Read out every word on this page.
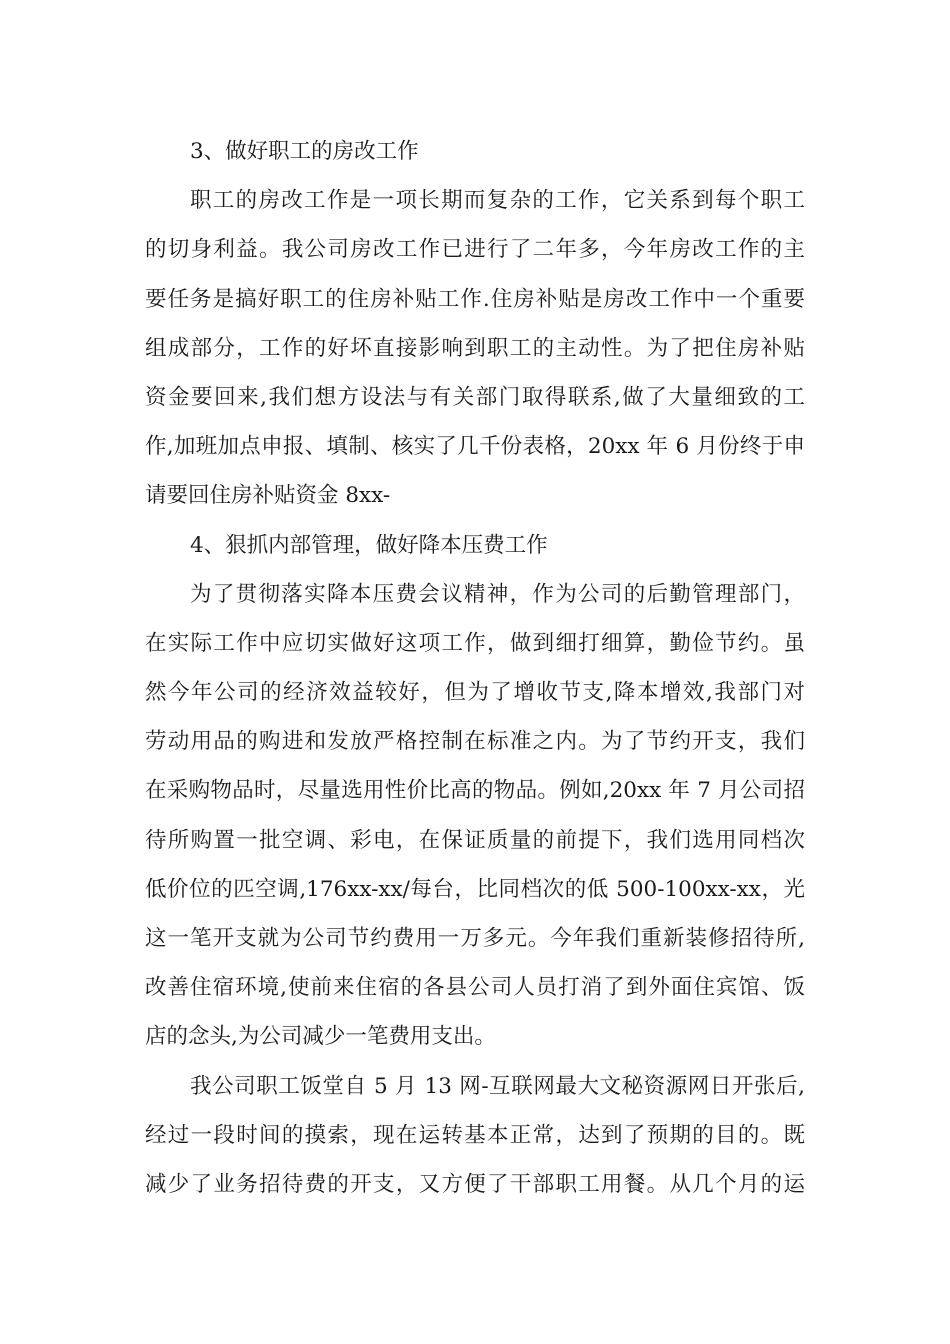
3、做好职工的房改工作
职工的房改工作是一项长期而复杂的工作，它关系到每个职工
的切身利益。我公司房改工作已进行了二年多，今年房改工作的主
要任务是搞好职工的住房补贴工作.住房补贴是房改工作中一个重要
组成部分，工作的好坏直接影响到职工的主动性。为了把住房补贴
资金要回来,我们想方设法与有关部门取得联系,做了大量细致的工
作,加班加点申报、填制、核实了几千份表格，20xx 年 6 月份终于申
请要回住房补贴资金 8xx-
4、狠抓内部管理，做好降本压费工作
为了贯彻落实降本压费会议精神，作为公司的后勤管理部门，
在实际工作中应切实做好这项工作，做到细打细算，勤俭节约。虽
然今年公司的经济效益较好，但为了增收节支,降本增效,我部门对
劳动用品的购进和发放严格控制在标准之内。为了节约开支，我们
在采购物品时，尽量选用性价比高的物品。例如,20xx 年 7 月公司招
待所购置一批空调、彩电，在保证质量的前提下，我们选用同档次
低价位的匹空调,176xx-xx/每台，比同档次的低 500-100xx-xx，光
这一笔开支就为公司节约费用一万多元。今年我们重新装修招待所,
改善住宿环境,使前来住宿的各县公司人员打消了到外面住宾馆、饭
店的念头,为公司减少一笔费用支出。
我公司职工饭堂自 5 月 13 网-互联网最大文秘资源网日开张后,
经过一段时间的摸索，现在运转基本正常，达到了预期的目的。既
减少了业务招待费的开支，又方便了干部职工用餐。从几个月的运
